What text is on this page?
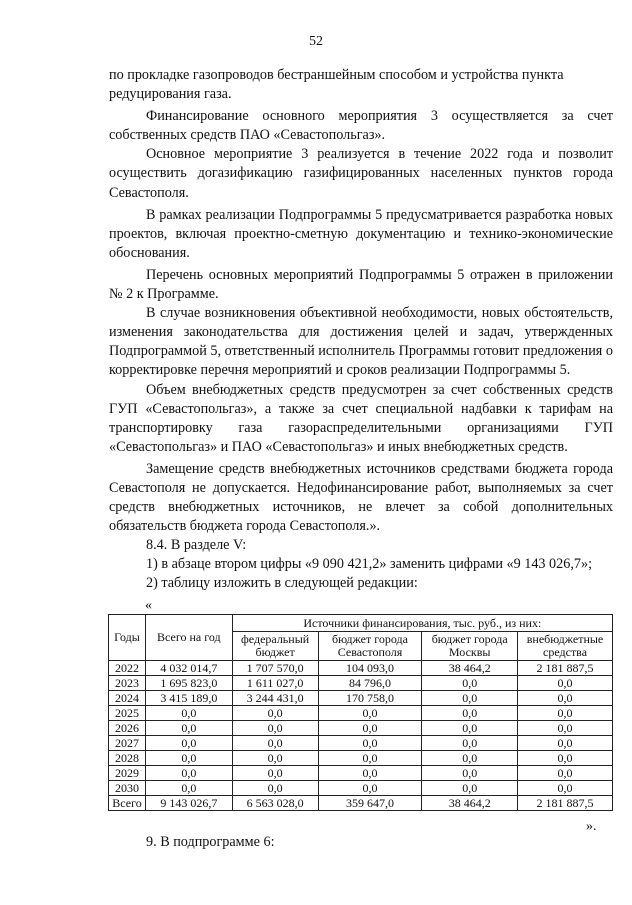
52

по прокладке газопроводов бестраншейным способом и устройства пункта редуцирования газа.

Финансирование основного мероприятия 3 осуществляется за счет собственных средств ПАО «Севастопольгаз».

Основное мероприятие 3 реализуется в течение 2022 года и позволит осуществить догазификацию газифицированных населенных пунктов города Севастополя.

В рамках реализации Подпрограммы 5 предусматривается разработка новых проектов, включая проектно-сметную документацию и технико-экономические обоснования.

Перечень основных мероприятий Подпрограммы 5 отражен в приложении № 2 к Программе.

В случае возникновения объективной необходимости, новых обстоятельств, изменения законодательства для достижения целей и задач, утвержденных Подпрограммой 5, ответственный исполнитель Программы готовит предложения о корректировке перечня мероприятий и сроков реализации Подпрограммы 5.

Объем внебюджетных средств предусмотрен за счет собственных средств ГУП «Севастопольгаз», а также за счет специальной надбавки к тарифам на транспортировку газа газораспределительными организациями ГУП «Севастопольгаз» и ПАО «Севастопольгаз» и иных внебюджетных средств.

Замещение средств внебюджетных источников средствами бюджета города Севастополя не допускается. Недофинансирование работ, выполняемых за счет средств внебюджетных источников, не влечет за собой дополнительных обязательств бюджета города Севастополя.».

8.4. В разделе V:

1) в абзаце втором цифры «9 090 421,2» заменить цифрами «9 143 026,7»;

2) таблицу изложить в следующей редакции:

«
Годы	Всего на год	Источники финансирования, тыс. руб., из них:			
		федеральный бюджет	бюджет города Севастополя	бюджет города Москвы	внебюджетные средства
2022	4 032 014,7	1 707 570,0	104 093,0	38 464,2	2 181 887,5
2023	1 695 823,0	1 611 027,0	84 796,0	0,0	0,0
2024	3 415 189,0	3 244 431,0	170 758,0	0,0	0,0
2025	0,0	0,0	0,0	0,0	0,0
2026	0,0	0,0	0,0	0,0	0,0
2027	0,0	0,0	0,0	0,0	0,0
2028	0,0	0,0	0,0	0,0	0,0
2029	0,0	0,0	0,0	0,0	0,0
2030	0,0	0,0	0,0	0,0	0,0
Всего	9 143 026,7	6 563 028,0	359 647,0	38 464,2	2 181 887,5
».
9. В подпрограмме 6:
